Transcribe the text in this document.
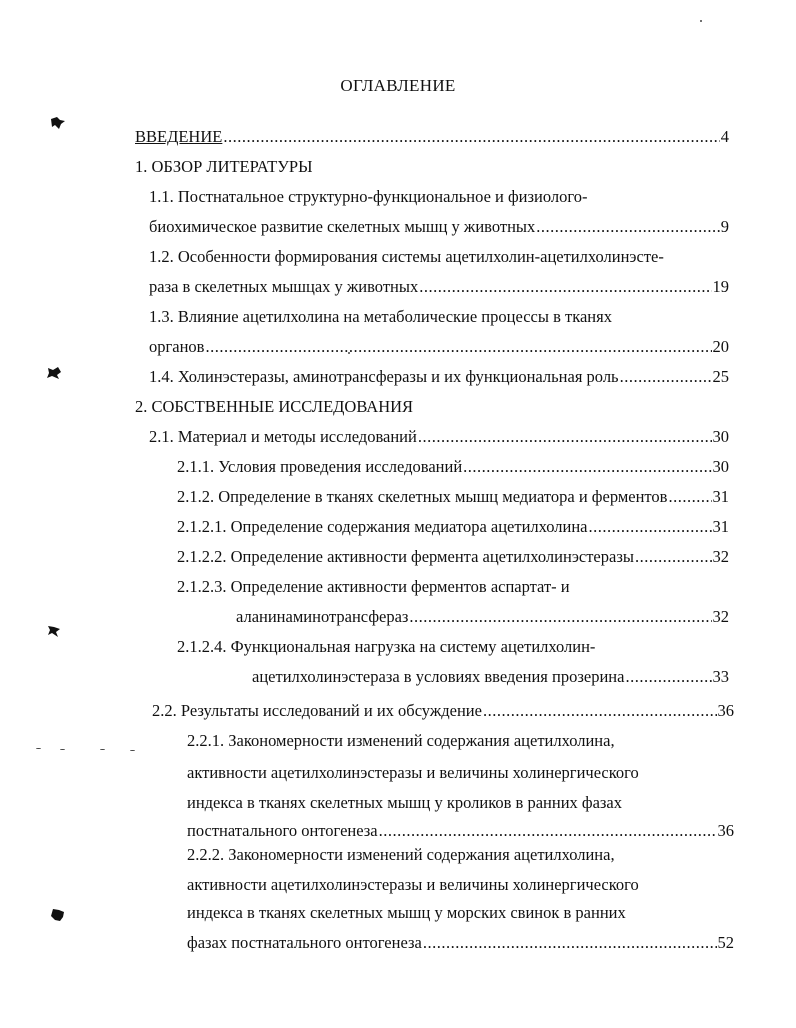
ОГЛАВЛЕНИЕ
ВВЕДЕНИЕ .....	4
1. ОБЗОР ЛИТЕРАТУРЫ
1.1. Постнатальное структурно-функциональное и физиолого-
биохимическое развитие скелетных мышц у животных .....	9
1.2. Особенности формирования системы ацетилхолин-ацетилхолинэсте-
раза в скелетных мышцах у животных .....	19
1.3. Влияние ацетилхолина на метаболические процессы в тканях
органов .....	20
1.4. Холинэстеразы, аминотрансферазы и их функциональная роль .....	25
2. СОБСТВЕННЫЕ ИССЛЕДОВАНИЯ
2.1. Материал и методы исследований .....	30
2.1.1. Условия проведения исследований .....	30
2.1.2. Определение в тканях скелетных мышц медиатора и ферментов .....	31
2.1.2.1. Определение содержания медиатора ацетилхолина .....	31
2.1.2.2. Определение активности фермента ацетилхолинэстеразы .....	32
2.1.2.3. Определение активности ферментов аспартат- и
аланинаминотрансфераз .....	32
2.1.2.4. Функциональная нагрузка на систему ацетилхолин-
ацетилхолинэстераза в условиях введения прозерина .....	33
2.2. Результаты исследований и их обсуждение .....	36
2.2.1. Закономерности изменений содержания ацетилхолина,
активности ацетилхолинэстеразы и величины холинергического
индекса в тканях скелетных мышц у кроликов в ранних фазах
постнатального онтогенеза .....	36
2.2.2. Закономерности изменений содержания ацетилхолина,
активности ацетилхолинэстеразы и величины холинергического
индекса в тканях скелетных мышц у морских свинок в ранних
фазах постнатального онтогенеза .....	52
